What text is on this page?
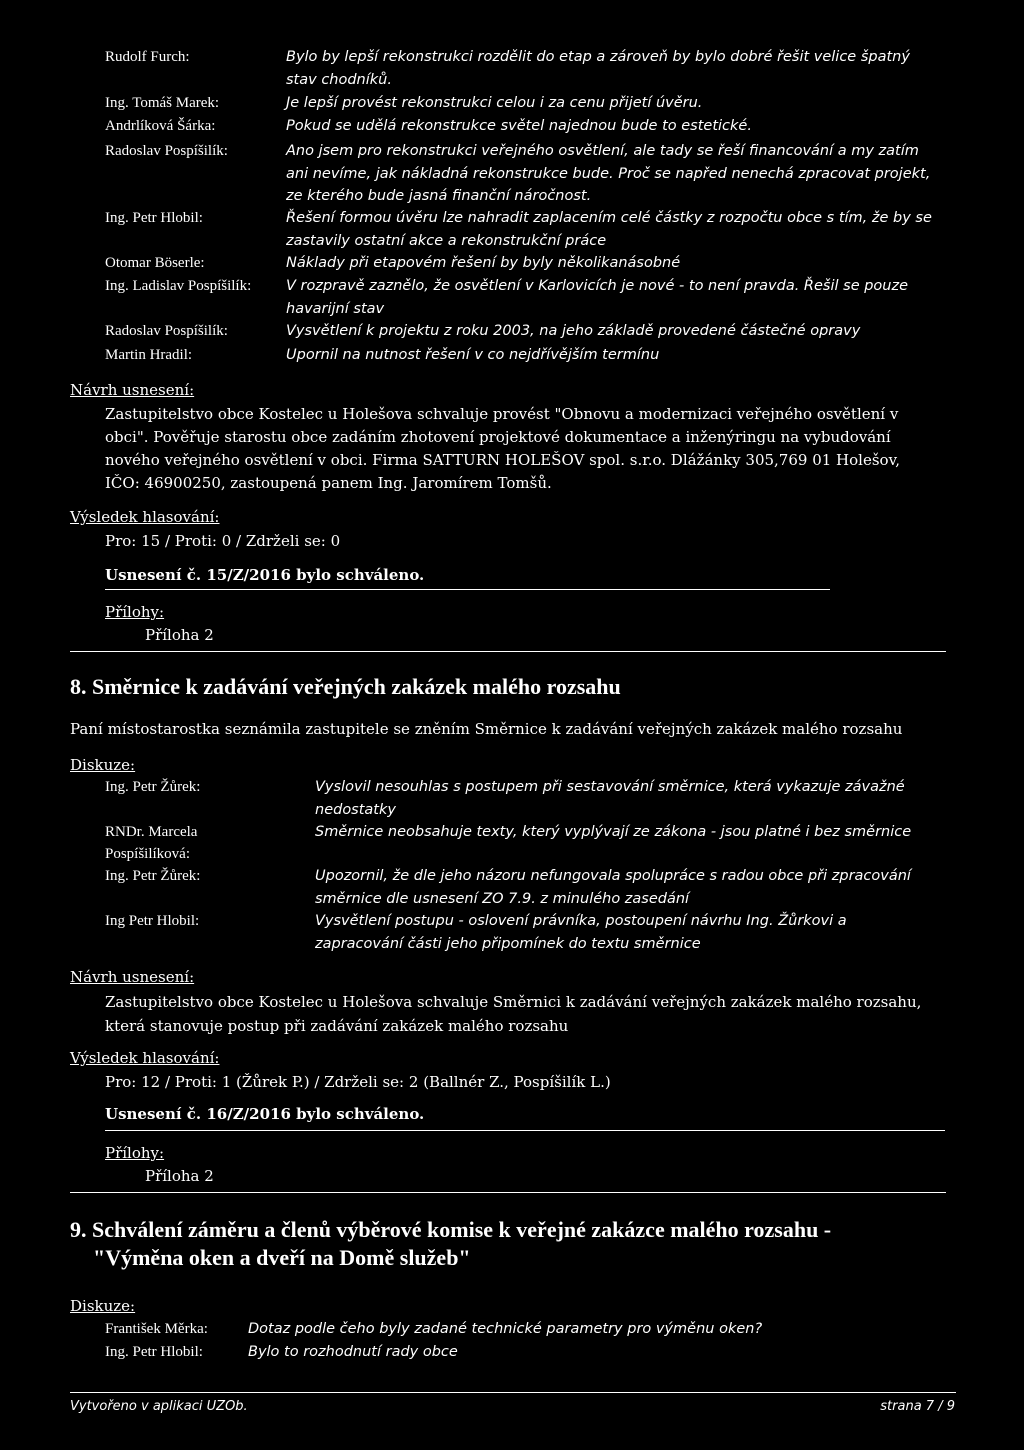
Rudolf Furch:	Bylo by lepší rekonstrukci rozdělit do etap a zároveň by bylo dobré řešit velice špatný stav chodníků.
Ing. Tomáš Marek:	Je lepší provést rekonstrukci celou i za cenu přijetí úvěru.
Andrlíková Šárka:	Pokud se udělá rekonstrukce světel najednou bude to estetické.
Radoslav Pospíšilík:	Ano jsem pro rekonstrukci veřejného osvětlení, ale tady se řeší financování a my zatím ani nevíme, jak nákladná rekonstrukce bude. Proč se napřed nenechá zpracovat projekt, ze kterého bude jasná finanční náročnost.
Ing. Petr Hlobil:	Řešení formou úvěru lze nahradit zaplacením celé částky z rozpočtu obce s tím, že by se zastavily ostatní akce a rekonstrukční práce
Otomar Böserle:	Náklady při etapovém řešení by byly několikanásobné
Ing. Ladislav Pospíšilík: V rozpravě zaznělo, že osvětlení v Karlovicích je nové - to není pravda. Řešil se pouze havarijní stav
Radoslav Pospíšilík:	Vysvětlení k projektu z roku 2003, na jeho základě provedené částečné opravy
Martin Hradil:	Upornil na nutnost řešení v co nejdřívějším termínu
Návrh usnesení:
Zastupitelstvo obce Kostelec u Holešova schvaluje provést "Obnovu a modernizaci veřejného osvětlení v obci". Pověřuje starostu obce zadáním zhotovení projektové dokumentace a inženýringu na vybudování nového veřejného osvětlení v obci. Firma SATTURN HOLEŠOV spol. s.r.o. Dlážánky 305,769 01 Holešov, IČO: 46900250, zastoupená panem Ing. Jaromírem Tomšů.
Výsledek hlasování:
Pro: 15 / Proti: 0 / Zdrželi se: 0
Usnesení č. 15/Z/2016 bylo schváleno.
Přílohy:
Příloha 2
8. Směrnice k zadávání veřejných zakázek malého rozsahu
Paní místostarostka seznámila zastupitele se zněním Směrnice k zadávání veřejných zakázek malého rozsahu
Diskuze:
Ing. Petr Žůrek:	Vyslovil nesouhlas s postupem při sestavování směrnice, která vykazuje závažné nedostatky
RNDr. Marcela Pospíšilíková:
Směrnice neobsahuje texty, který vyplývají ze zákona - jsou platné i bez směrnice
Ing. Petr Žůrek:	Upozornil, že dle jeho názoru nefungovala spolupráce s radou obce při zpracování směrnice dle usnesení ZO 7.9. z minulého zasedání
Ing Petr Hlobil:	Vysvětlení postupu - oslovení právníka, postoupení návrhu Ing. Žůrkovi a zapracování části jeho připomínek do textu směrnice
Návrh usnesení:
Zastupitelstvo obce Kostelec u Holešova schvaluje Směrnici k zadávání veřejných zakázek malého rozsahu, která stanovuje postup při zadávání zakázek malého rozsahu
Výsledek hlasování:
Pro: 12 / Proti: 1 (Žůrek P.) / Zdrželi se: 2 (Ballnér Z., Pospíšilík L.)
Usnesení č. 16/Z/2016 bylo schváleno.
Přílohy:
Příloha 2
9. Schválení záměru a členů výběrové komise k veřejné zakázce malého rozsahu -
"Výměna oken a dveří na Domě služeb"
Diskuze:
František Měrka:	Dotaz podle čeho byly zadané technické parametry pro výměnu oken?
Ing. Petr Hlobil:	Bylo to rozhodnutí rady obce
Vytvořeno v aplikaci UZOb.	strana 7 / 9
